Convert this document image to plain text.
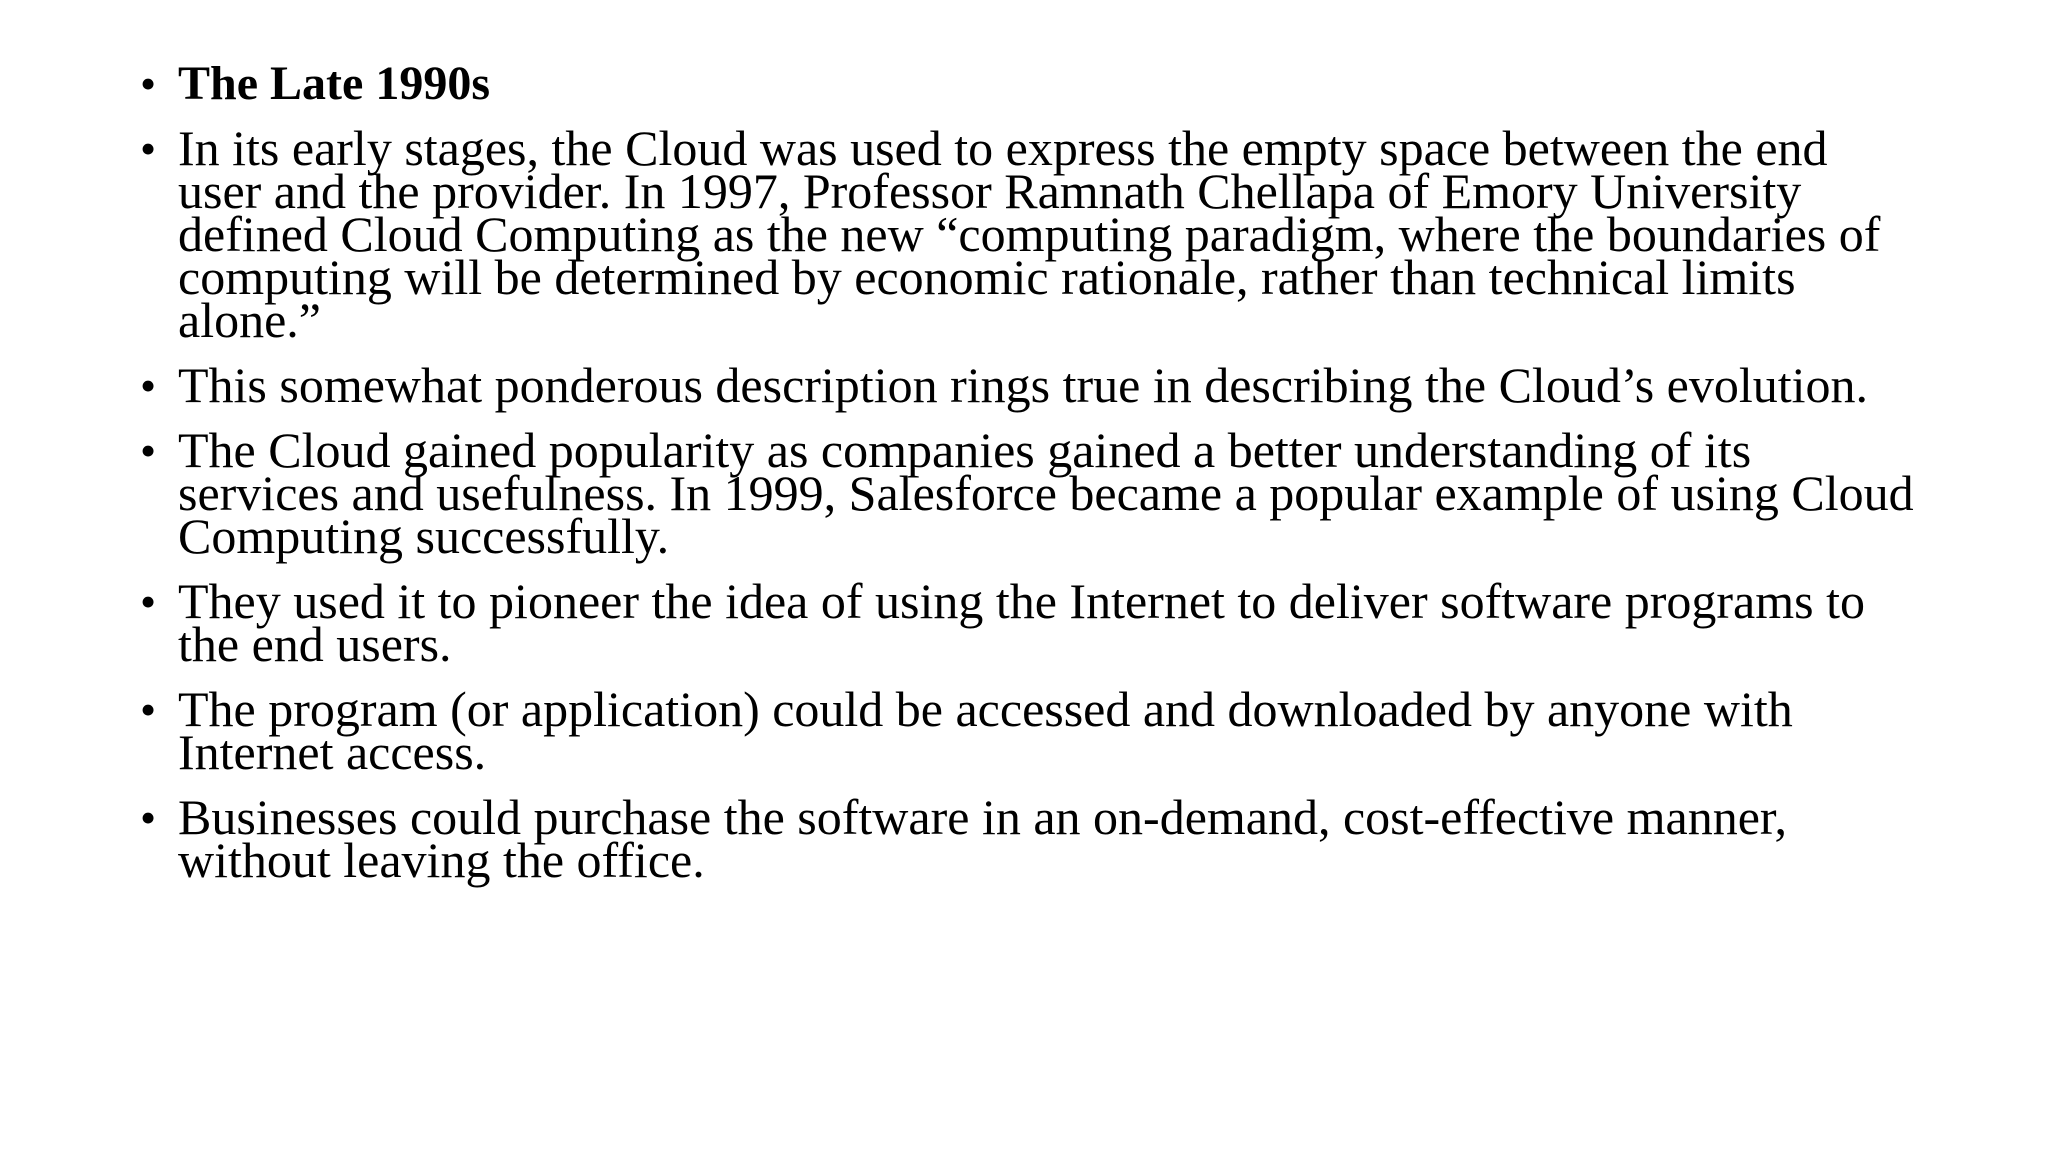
• The Late 1990s
• In its early stages, the Cloud was used to express the empty space between the end user and the provider. In 1997, Professor Ramnath Chellapa of Emory University defined Cloud Computing as the new “computing paradigm, where the boundaries of computing will be determined by economic rationale, rather than technical limits alone.”
• This somewhat ponderous description rings true in describing the Cloud’s evolution.
• The Cloud gained popularity as companies gained a better understanding of its services and usefulness. In 1999, Salesforce became a popular example of using Cloud Computing successfully.
• They used it to pioneer the idea of using the Internet to deliver software programs to the end users.
• The program (or application) could be accessed and downloaded by anyone with Internet access.
• Businesses could purchase the software in an on-demand, cost-effective manner, without leaving the office.
